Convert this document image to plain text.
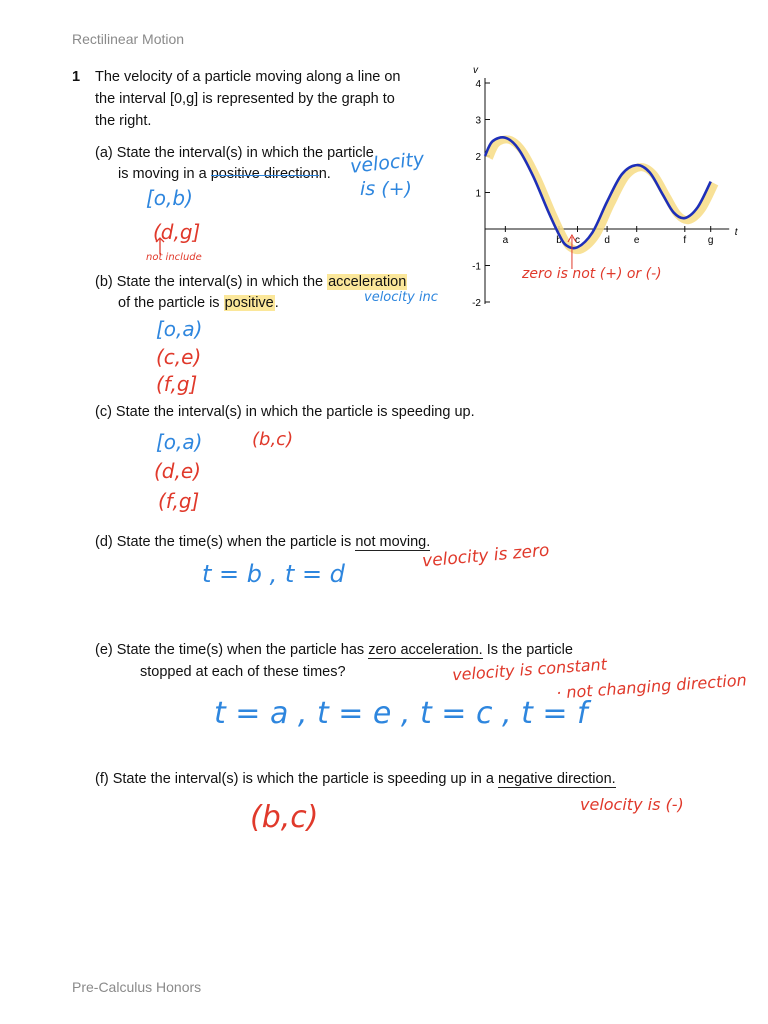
Rectilinear Motion
1 The velocity of a particle moving along a line on
the interval [0,g] is represented by the graph to
the right.
(a) State the interval(s) in which the particle
is moving in a positive directionn. velocity
is (+)
[o,b)
(d,g]
not include
(b) State the interval(s) in which the acceleration
of the particle is positive.	velocity inc
[o,a)
(c,e)
(f,g]
(c) State the interval(s) in which the particle is speeding up.
[o,a)
(d,e)
(f,g]
(b,c)
(d) State the time(s) when the particle is not moving.
velocity is zero
t = b , t = d
(e) State the time(s) when the particle has zero acceleration. Is the particle
stopped at each of these times?	velocity is constant
· not changing direction
t = a , t = e , t = c , t = f
(f) State the interval(s) is which the particle is speeding up in a negative direction.
velocity is (-)
(b,c)
v
t
4
3
2
1
-1
-2
a	b c d e	f g
zero is not (+) or (-)
Pre-Calculus Honors
